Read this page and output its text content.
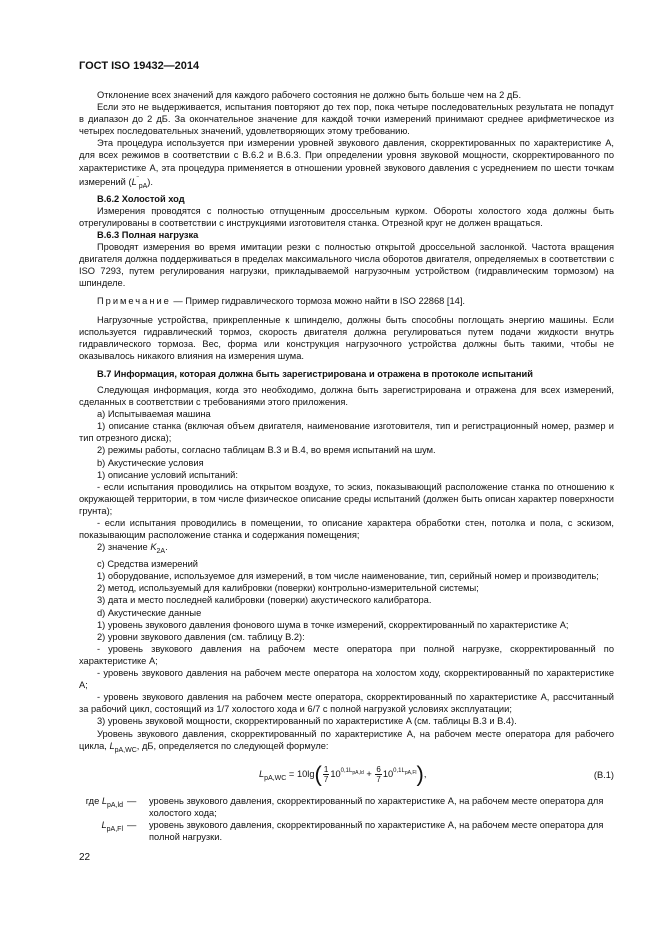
ГОСТ ISO 19432—2014

Отклонение всех значений для каждого рабочего состояния не должно быть больше чем на 2 дБ.

Если это не выдерживается, испытания повторяют до тех пор, пока четыре последовательных результата не попадут в диапазон до 2 дБ. За окончательное значение для каждой точки измерений принимают среднее арифметическое из четырех последовательных значений, удовлетворяющих этому требованию.

Эта процедура используется при измерении уровней звукового давления, скорректированных по характеристике A, для всех режимов в соответствии с B.6.2 и B.6.3. При определении уровня звуковой мощности, скорректированного по характеристике A, эта процедура применяется в отношении уровней звукового давления с усреднением по шести точкам измерений $(L^‾_{pA})$.

B.6.2 Холостой ход

Измерения проводятся с полностью отпущенным дроссельным курком. Обороты холостого хода должны быть отрегулированы в соответствии с инструкциями изготовителя станка. Отрезной круг не должен вращаться.

B.6.3 Полная нагрузка

Проводят измерения во время имитации резки с полностью открытой дроссельной заслонкой. Частота вращения двигателя должна поддерживаться в пределах максимального числа оборотов двигателя, определяемых в соответствии с ISO 7293, путем регулирования нагрузки, прикладываемой нагрузочным устройством (гидравлическим тормозом) на шпинделе.

Примечание — Пример гидравлического тормоза можно найти в ISO 22868 [14].

Нагрузочные устройства, прикрепленные к шпинделю, должны быть способны поглощать энергию машины. Если используется гидравлический тормоз, скорость двигателя должна регулироваться путем подачи жидкости внутрь гидравлического тормоза. Вес, форма или конструкция нагрузочного устройства должны быть такими, чтобы не оказывалось никакого влияния на измерения шума.

B.7 Информация, которая должна быть зарегистрирована и отражена в протоколе испытаний

Следующая информация, когда это необходимо, должна быть зарегистрирована и отражена для всех измерений, сделанных в соответствии с требованиями этого приложения.

а) Испытываемая машина

1) описание станка (включая объем двигателя, наименование изготовителя, тип и регистрационный номер, размер и тип отрезного диска);

2) режимы работы, согласно таблицам B.3 и B.4, во время испытаний на шум.

b) Акустические условия

1) описание условий испытаний:

- если испытания проводились на открытом воздухе, то эскиз, показывающий расположение станка по отношению к окружающей территории, в том числе физическое описание среды испытаний (должен быть описан характер поверхности грунта);

- если испытания проводились в помещении, то описание характера обработки стен, потолка и пола, с эскизом, показывающим расположение станка и содержания помещения;

2) значение $K_{2A}$.

с) Средства измерений

1) оборудование, используемое для измерений, в том числе наименование, тип, серийный номер и производитель;

2) метод, используемый для калибровки (поверки) контрольно-измерительной системы;

3) дата и место последней калибровки (поверки) акустического калибратора.

d) Акустические данные

1) уровень звукового давления фонового шума в точке измерений, скорректированный по характеристике A;

2) уровни звукового давления (см. таблицу B.2):

- уровень звукового давления на рабочем месте оператора при полной нагрузке, скорректированный по характеристике A;

- уровень звукового давления на рабочем месте оператора на холостом ходу, скорректированный по характеристике A;

- уровень звукового давления на рабочем месте оператора, скорректированный по характеристике A, рассчитанный за рабочий цикл, состоящий из 1/7 холостого хода и 6/7 с полной нагрузкой условиях эксплуатации;

3) уровень звуковой мощности, скорректированный по характеристике A (см. таблицы B.3 и B.4).

Уровень звукового давления, скорректированный по характеристике A, на рабочем месте оператора для рабочего цикла, $L_{pA,WC}$, дБ, определяется по следующей формуле:

$L_{pA,WC} = 10\lg( \frac{1}{7}10^{0,1L_{pA,ld}} + \frac{6}{7}10^{0,1L_{pA,Fl}})$,	(B.1)
где $L_{pA,ld}$ —	уровень звукового давления, скорректированный по характеристике A, на рабочем месте оператора для холостого хода;
$L_{pA,Fl}$ —	уровень звукового давления, скорректированный по характеристике A, на рабочем месте оператора для полной нагрузки.
22
